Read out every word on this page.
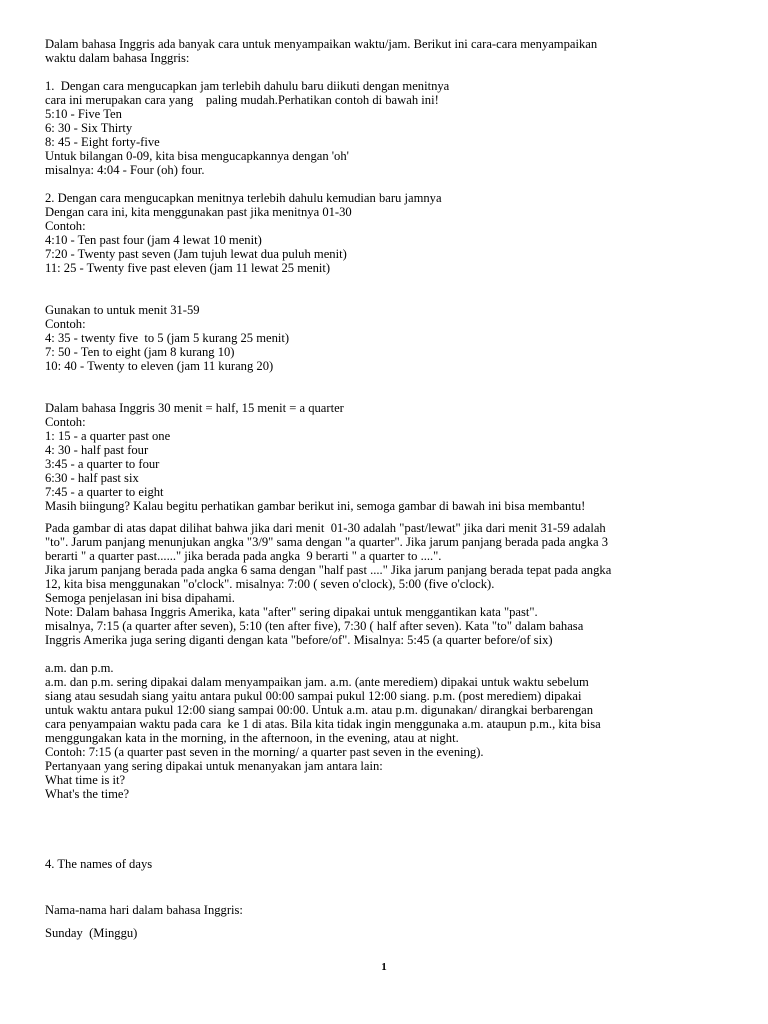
Dalam bahasa Inggris ada banyak cara untuk menyampaikan waktu/jam. Berikut ini cara-cara menyampaikan
waktu dalam bahasa Inggris:
1.  Dengan cara mengucapkan jam terlebih dahulu baru diikuti dengan menitnya
cara ini merupakan cara yang    paling mudah.Perhatikan contoh di bawah ini!
5:10 - Five Ten
6: 30 - Six Thirty
8: 45 - Eight forty-five
Untuk bilangan 0-09, kita bisa mengucapkannya dengan 'oh'
misalnya: 4:04 - Four (oh) four.
2. Dengan cara mengucapkan menitnya terlebih dahulu kemudian baru jamnya
Dengan cara ini, kita menggunakan past jika menitnya 01-30
Contoh:
4:10 - Ten past four (jam 4 lewat 10 menit)
7:20 - Twenty past seven (Jam tujuh lewat dua puluh menit)
11: 25 - Twenty five past eleven (jam 11 lewat 25 menit)
Gunakan to untuk menit 31-59
Contoh:
4: 35 - twenty five  to 5 (jam 5 kurang 25 menit)
7: 50 - Ten to eight (jam 8 kurang 10)
10: 40 - Twenty to eleven (jam 11 kurang 20)
Dalam bahasa Inggris 30 menit = half, 15 menit = a quarter
Contoh:
1: 15 - a quarter past one
4: 30 - half past four
3:45 - a quarter to four
6:30 - half past six
7:45 - a quarter to eight
Masih biingung? Kalau begitu perhatikan gambar berikut ini, semoga gambar di bawah ini bisa membantu!
Pada gambar di atas dapat dilihat bahwa jika dari menit  01-30 adalah "past/lewat" jika dari menit 31-59 adalah
"to". Jarum panjang menunjukan angka "3/9" sama dengan "a quarter". Jika jarum panjang berada pada angka 3
berarti " a quarter past......" jika berada pada angka  9 berarti " a quarter to ....".
Jika jarum panjang berada pada angka 6 sama dengan "half past ...." Jika jarum panjang berada tepat pada angka
12, kita bisa menggunakan "o'clock". misalnya: 7:00 ( seven o'clock), 5:00 (five o'clock).
Semoga penjelasan ini bisa dipahami.
Note: Dalam bahasa Inggris Amerika, kata "after" sering dipakai untuk menggantikan kata "past".
misalnya, 7:15 (a quarter after seven), 5:10 (ten after five), 7:30 ( half after seven). Kata "to" dalam bahasa
Inggris Amerika juga sering diganti dengan kata "before/of". Misalnya: 5:45 (a quarter before/of six)
a.m. dan p.m.
a.m. dan p.m. sering dipakai dalam menyampaikan jam. a.m. (ante merediem) dipakai untuk waktu sebelum
siang atau sesudah siang yaitu antara pukul 00:00 sampai pukul 12:00 siang. p.m. (post merediem) dipakai
untuk waktu antara pukul 12:00 siang sampai 00:00. Untuk a.m. atau p.m. digunakan/ dirangkai berbarengan
cara penyampaian waktu pada cara  ke 1 di atas. Bila kita tidak ingin menggunaka a.m. ataupun p.m., kita bisa
menggungakan kata in the morning, in the afternoon, in the evening, atau at night.
Contoh: 7:15 (a quarter past seven in the morning/ a quarter past seven in the evening).
Pertanyaan yang sering dipakai untuk menanyakan jam antara lain:
What time is it?
What's the time?
4. The names of days
Nama-nama hari dalam bahasa Inggris:
Sunday  (Minggu)
1
